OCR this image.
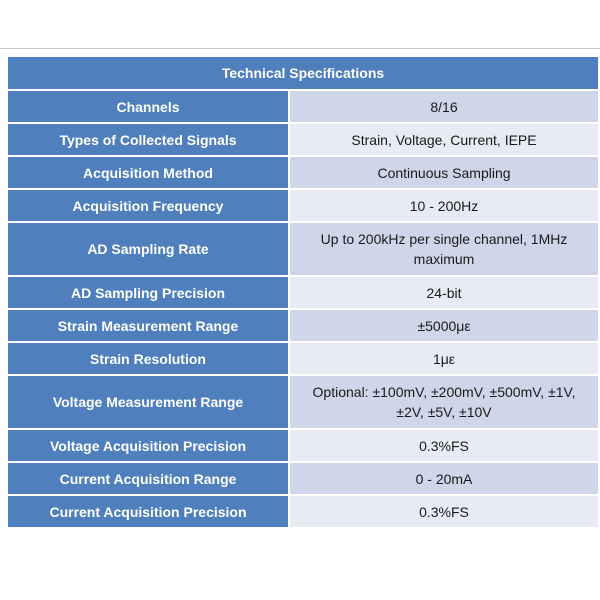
Technical Specifications	
Channels	8/16
Types of Collected Signals	Strain, Voltage, Current, IEPE
Acquisition Method	Continuous Sampling
Acquisition Frequency	10 - 200Hz
AD Sampling Rate	Up to 200kHz per single channel, 1MHz maximum
AD Sampling Precision	24-bit
Strain Measurement Range	±5000με
Strain Resolution	1με
Voltage Measurement Range	Optional: ±100mV, ±200mV, ±500mV, ±1V, ±2V, ±5V, ±10V
Voltage Acquisition Precision	0.3%FS
Current Acquisition Range	0 - 20mA
Current Acquisition Precision	0.3%FS
